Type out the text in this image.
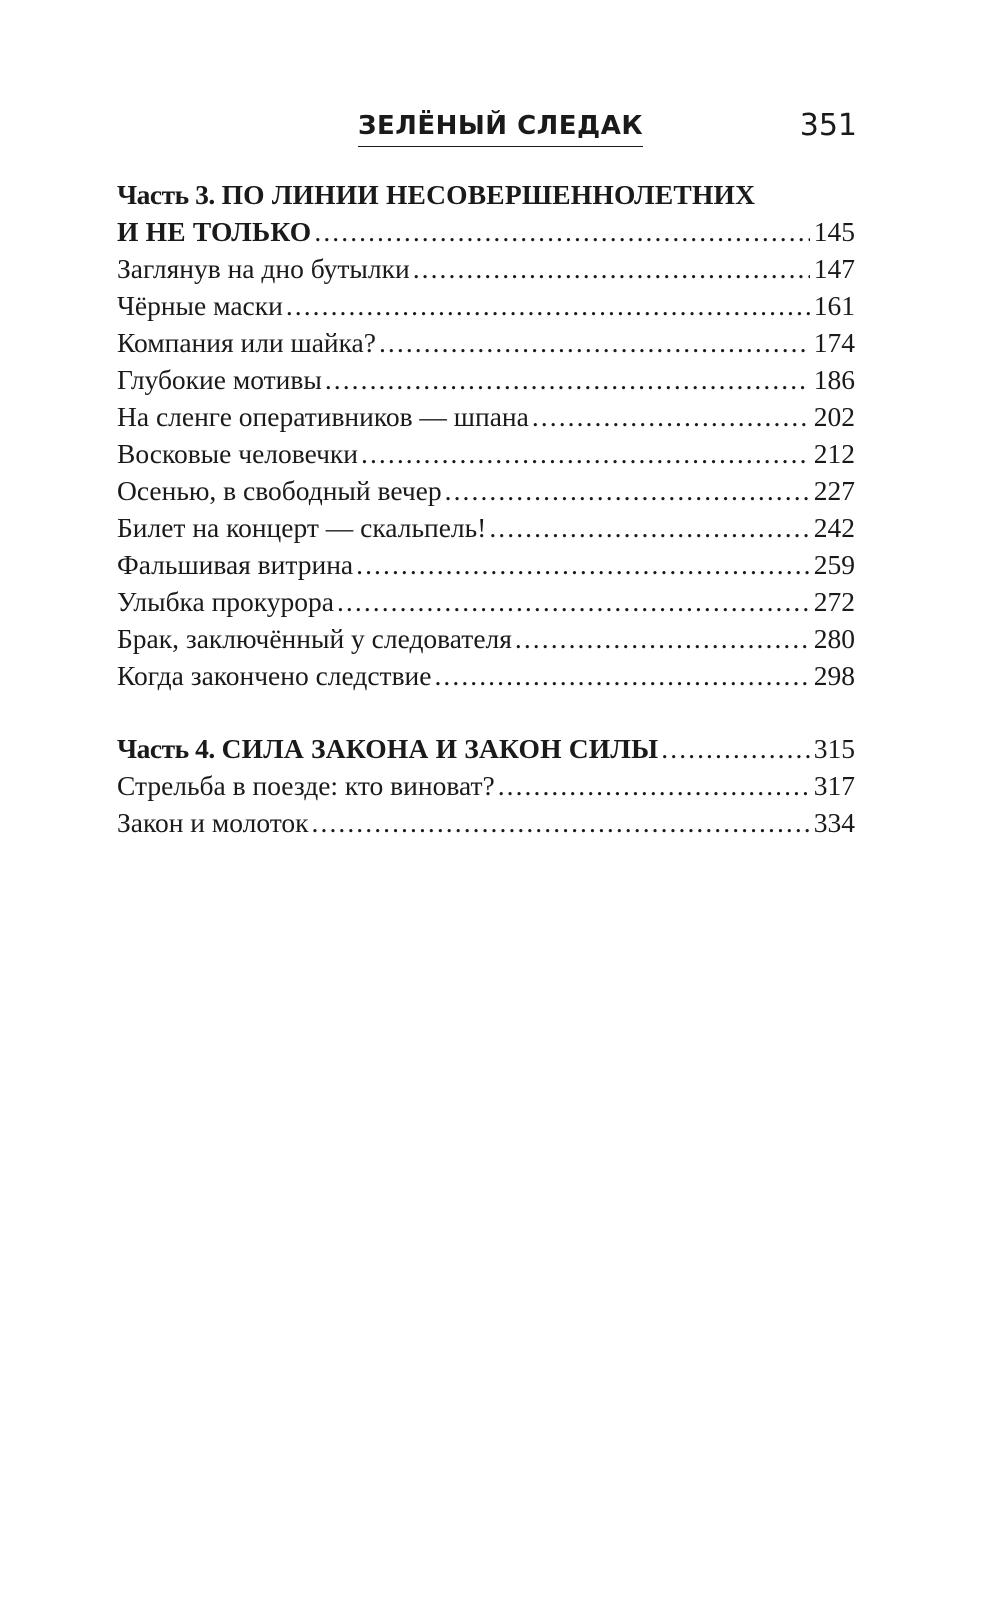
ЗЕЛЁНЫЙ СЛЕДАК	351
Часть 3. ПО ЛИНИИ НЕСОВЕРШЕННОЛЕТНИХ
И НЕ ТОЛЬКО . . .	145
Заглянув на дно бутылки . . .	147
Чёрные маски . . .	161
Компания или шайка? . . .	174
Глубокие мотивы . . .	186
На сленге оперативников — шпана . . .	202
Восковые человечки . . .	212
Осенью, в свободный вечер . . .	227
Билет на концерт — скальпель! . . .	242
Фальшивая витрина . . .	259
Улыбка прокурора . . .	272
Брак, заключённый у следователя . . .	280
Когда закончено следствие . . .	298
Часть 4. СИЛА ЗАКОНА И ЗАКОН СИЛЫ . . .	315
Стрельба в поезде: кто виноват? . . .	317
Закон и молоток . . .	334
